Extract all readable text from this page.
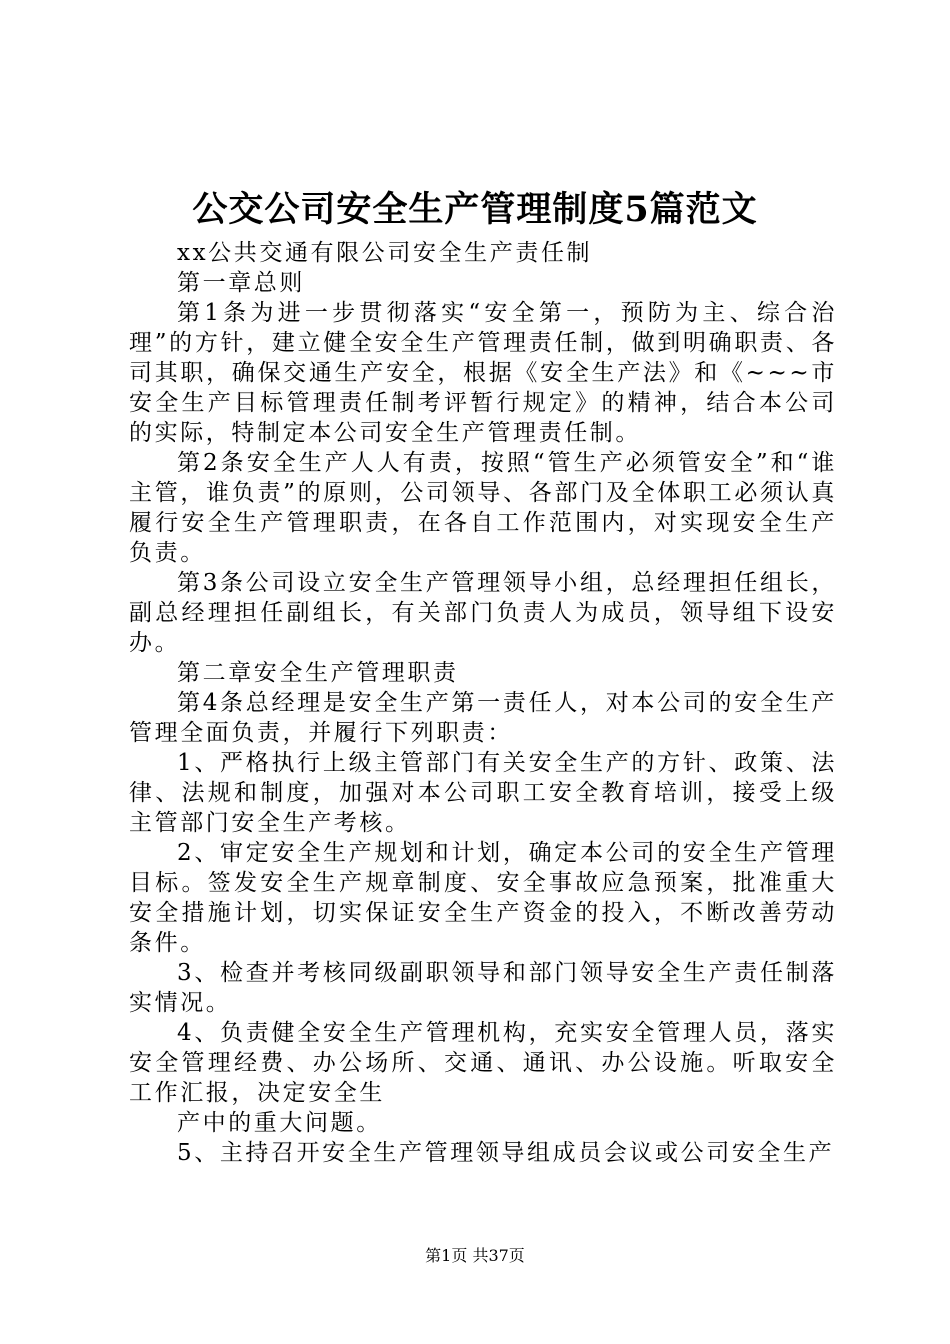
公交公司安全生产管理制度5篇范文

xx公共交通有限公司安全生产责任制

第一章总则

第1条为进一步贯彻落实“安全第一，预防为主、综合治理”的方针，建立健全安全生产管理责任制，做到明确职责、各司其职，确保交通生产安全，根据《安全生产法》和《~~~市安全生产目标管理责任制考评暂行规定》的精神，结合本公司的实际，特制定本公司安全生产管理责任制。

第2条安全生产人人有责，按照“管生产必须管安全”和“谁主管，谁负责”的原则，公司领导、各部门及全体职工必须认真履行安全生产管理职责，在各自工作范围内，对实现安全生产负责。

第3条公司设立安全生产管理领导小组，总经理担任组长，副总经理担任副组长，有关部门负责人为成员，领导组下设安办。

第二章安全生产管理职责

第4条总经理是安全生产第一责任人，对本公司的安全生产管理全面负责，并履行下列职责：

1、严格执行上级主管部门有关安全生产的方针、政策、法律、法规和制度，加强对本公司职工安全教育培训，接受上级主管部门安全生产考核。

2、审定安全生产规划和计划，确定本公司的安全生产管理目标。签发安全生产规章制度、安全事故应急预案，批准重大安全措施计划，切实保证安全生产资金的投入，不断改善劳动条件。

3、检查并考核同级副职领导和部门领导安全生产责任制落实情况。

4、负责健全安全生产管理机构，充实安全管理人员，落实安全管理经费、办公场所、交通、通讯、办公设施。听取安全工作汇报，决定安全生

产中的重大问题。

5、主持召开安全生产管理领导组成员会议或公司安全生产

第1页 共37页
